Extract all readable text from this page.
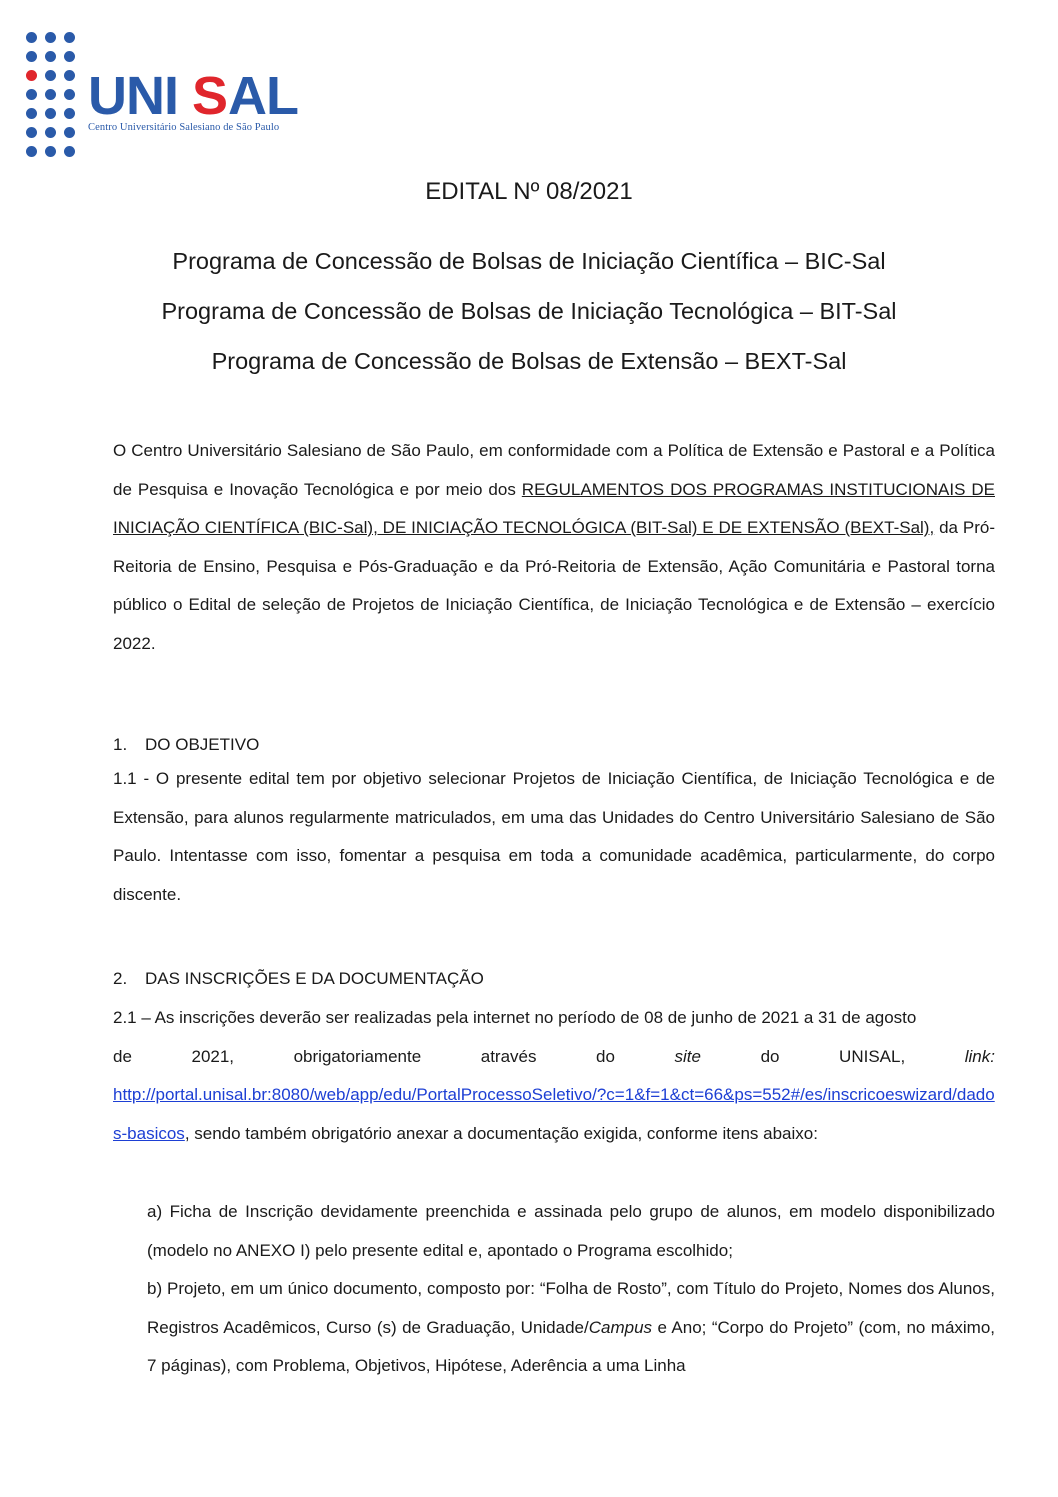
UNI S AL
Centro Universitário Salesiano de São Paulo
EDITAL Nº 08/2021
Programa de Concessão de Bolsas de Iniciação Científica – BIC-Sal
Programa de Concessão de Bolsas de Iniciação Tecnológica – BIT-Sal
Programa de Concessão de Bolsas de Extensão – BEXT-Sal

O Centro Universitário Salesiano de São Paulo, em conformidade com a Política de Extensão e Pastoral e a Política de Pesquisa e Inovação Tecnológica e por meio dos REGULAMENTOS DOS PROGRAMAS INSTITUCIONAIS DE INICIAÇÃO CIENTÍFICA (BIC-Sal), DE INICIAÇÃO TECNOLÓGICA (BIT-Sal) E DE EXTENSÃO (BEXT-Sal), da Pró-Reitoria de Ensino, Pesquisa e Pós-Graduação e da Pró-Reitoria de Extensão, Ação Comunitária e Pastoral torna público o Edital de seleção de Projetos de Iniciação Científica, de Iniciação Tecnológica e de Extensão – exercício 2022.

1. DO OBJETIVO

1.1 - O presente edital tem por objetivo selecionar Projetos de Iniciação Científica, de Iniciação Tecnológica e de Extensão, para alunos regularmente matriculados, em uma das Unidades do Centro Universitário Salesiano de São Paulo. Intentasse com isso, fomentar a pesquisa em toda a comunidade acadêmica, particularmente, do corpo discente.

2. DAS INSCRIÇÕES E DA DOCUMENTAÇÃO
2.1 – As inscrições deverão ser realizadas pela internet no período de 08 de junho de 2021 a 31 de agosto
de	2021,	obrigatoriamente	através	do	site	do	UNISAL,	link:
http://portal.unisal.br:8080/web/app/edu/PortalProcessoSeletivo/?c=1&f=1&ct=66&ps=552#/es/inscricoeswizard/dados-basicos, sendo também obrigatório anexar a documentação exigida, conforme itens abaixo:

a) Ficha de Inscrição devidamente preenchida e assinada pelo grupo de alunos, em modelo disponibilizado (modelo no ANEXO I) pelo presente edital e, apontado o Programa escolhido;

b) Projeto, em um único documento, composto por: “Folha de Rosto”, com Título do Projeto, Nomes dos Alunos, Registros Acadêmicos, Curso (s) de Graduação, Unidade/Campus e Ano; “Corpo do Projeto” (com, no máximo, 7 páginas), com Problema, Objetivos, Hipótese, Aderência a uma Linha
